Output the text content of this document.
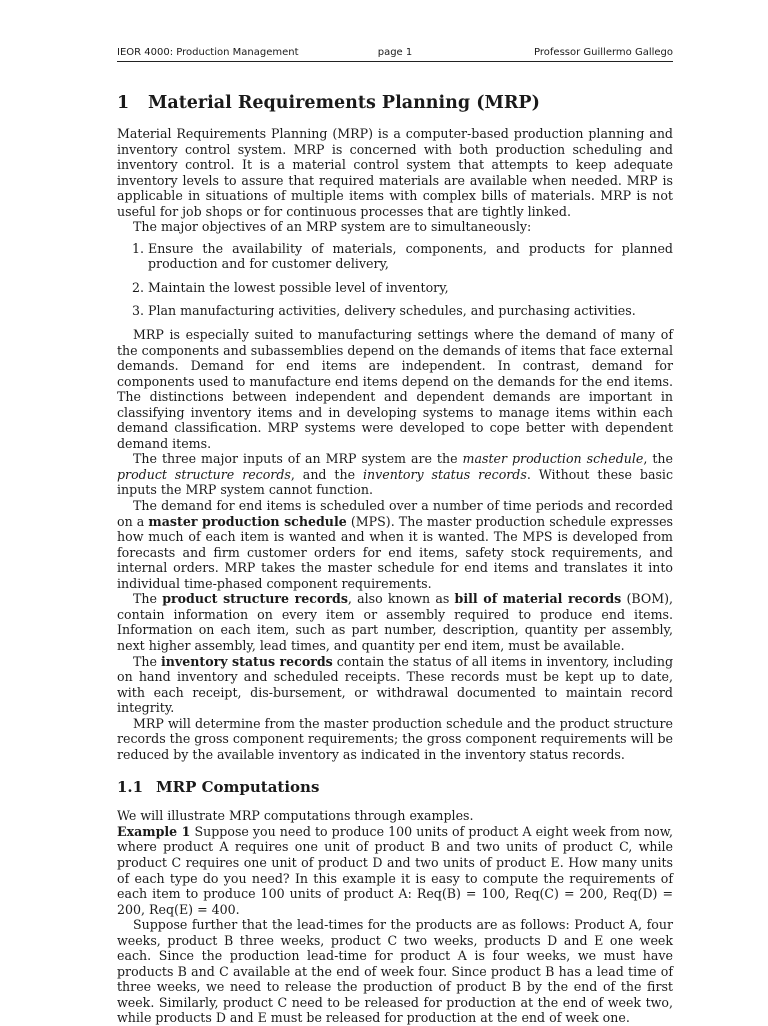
IEOR 4000: Production Management	page 1	Professor Guillermo Gallego
1 Material Requirements Planning (MRP)

Material Requirements Planning (MRP) is a computer-based production planning and inventory control system. MRP is concerned with both production scheduling and inventory control. It is a material control system that attempts to keep adequate inventory levels to assure that required materials are available when needed. MRP is applicable in situations of multiple items with complex bills of materials. MRP is not useful for job shops or for continuous processes that are tightly linked.

The major objectives of an MRP system are to simultaneously:

1. Ensure the availability of materials, components, and products for planned production and for customer delivery,
2. Maintain the lowest possible level of inventory,
3. Plan manufacturing activities, delivery schedules, and purchasing activities.

MRP is especially suited to manufacturing settings where the demand of many of the components and subassemblies depend on the demands of items that face external demands. Demand for end items are independent. In contrast, demand for components used to manufacture end items depend on the demands for the end items. The distinctions between independent and dependent demands are important in classifying inventory items and in developing systems to manage items within each demand classification. MRP systems were developed to cope better with dependent demand items.

The three major inputs of an MRP system are the master production schedule, the product structure records, and the inventory status records. Without these basic inputs the MRP system cannot function.

The demand for end items is scheduled over a number of time periods and recorded on a master production schedule (MPS). The master production schedule expresses how much of each item is wanted and when it is wanted. The MPS is developed from forecasts and firm customer orders for end items, safety stock requirements, and internal orders. MRP takes the master schedule for end items and translates it into individual time-phased component requirements.

The product structure records, also known as bill of material records (BOM), contain information on every item or assembly required to produce end items. Information on each item, such as part number, description, quantity per assembly, next higher assembly, lead times, and quantity per end item, must be available.

The inventory status records contain the status of all items in inventory, including on hand inventory and scheduled receipts. These records must be kept up to date, with each receipt, dis-bursement, or withdrawal documented to maintain record integrity.

MRP will determine from the master production schedule and the product structure records the gross component requirements; the gross component requirements will be reduced by the available inventory as indicated in the inventory status records.

1.1 MRP Computations

We will illustrate MRP computations through examples.

Example 1 Suppose you need to produce 100 units of product A eight week from now, where product A requires one unit of product B and two units of product C, while product C requires one unit of product D and two units of product E. How many units of each type do you need? In this example it is easy to compute the requirements of each item to produce 100 units of product A: Req(B) = 100, Req(C) = 200, Req(D) = 200, Req(E) = 400.

Suppose further that the lead-times for the products are as follows: Product A, four weeks, product B three weeks, product C two weeks, products D and E one week each. Since the production lead-time for product A is four weeks, we must have products B and C available at the end of week four. Since product B has a lead time of three weeks, we need to release the production of product B by the end of the first week. Similarly, product C need to be released for production at the end of week two, while products D and E must be released for production at the end of week one.
